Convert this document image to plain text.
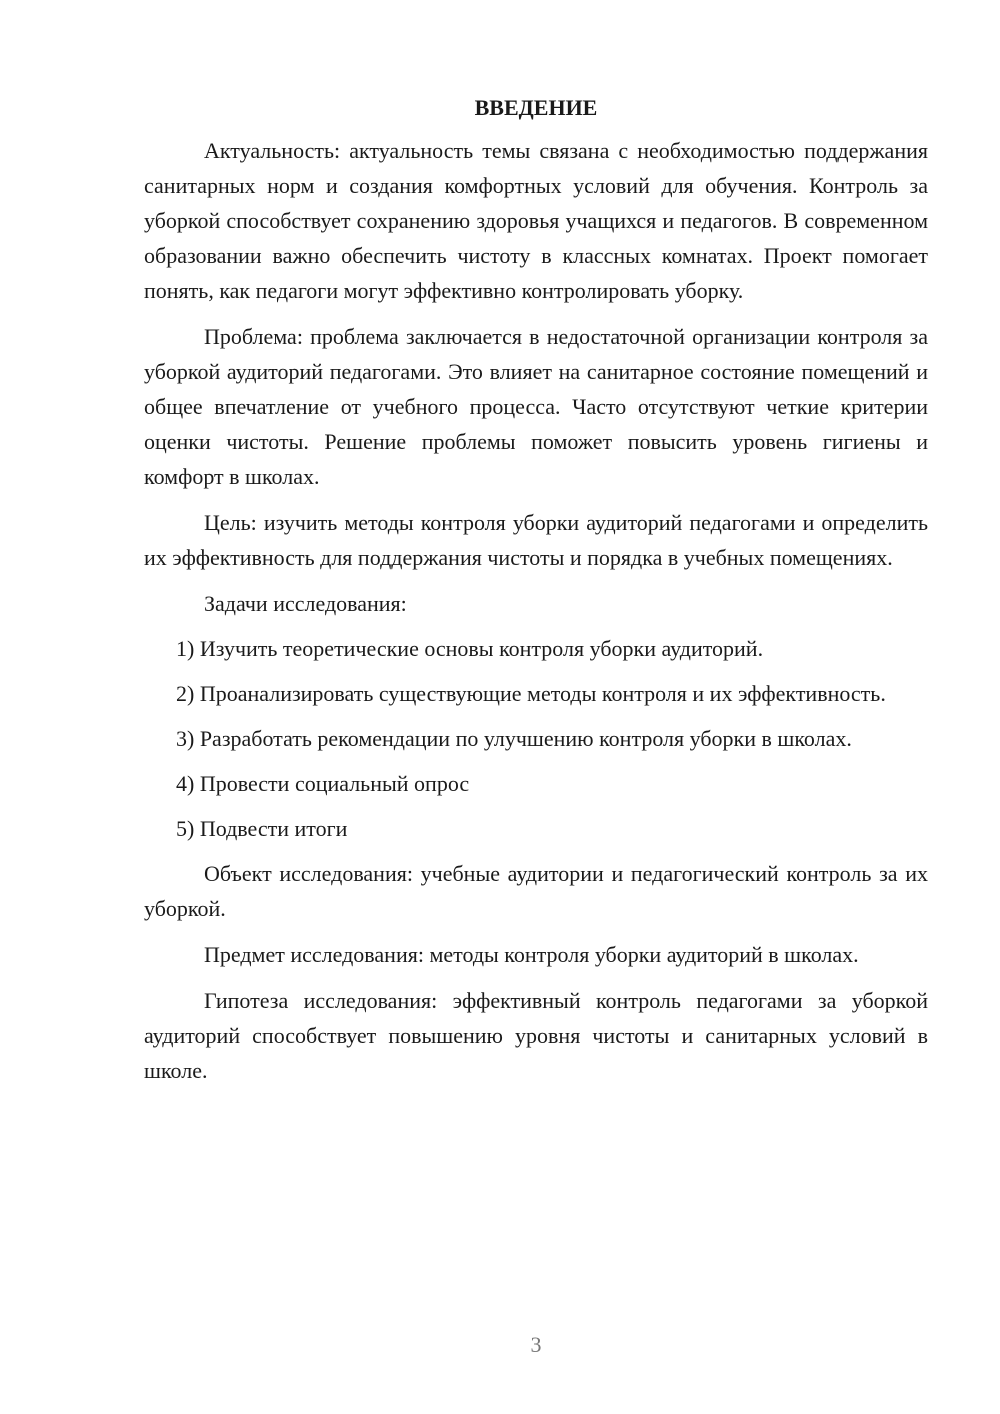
ВВЕДЕНИЕ

Актуальность: актуальность темы связана с необходимостью поддержания санитарных норм и создания комфортных условий для обучения. Контроль за уборкой способствует сохранению здоровья учащихся и педагогов. В современном образовании важно обеспечить чистоту в классных комнатах. Проект помогает понять, как педагоги могут эффективно контролировать уборку.

Проблема: проблема заключается в недостаточной организации контроля за уборкой аудиторий педагогами. Это влияет на санитарное состояние помещений и общее впечатление от учебного процесса. Часто отсутствуют четкие критерии оценки чистоты. Решение проблемы поможет повысить уровень гигиены и комфорт в школах.

Цель: изучить методы контроля уборки аудиторий педагогами и определить их эффективность для поддержания чистоты и порядка в учебных помещениях.

Задачи исследования:

1) Изучить теоретические основы контроля уборки аудиторий.

2) Проанализировать существующие методы контроля и их эффективность.

3) Разработать рекомендации по улучшению контроля уборки в школах.

4) Провести социальный опрос

5) Подвести итоги

Объект исследования: учебные аудитории и педагогический контроль за их уборкой.

Предмет исследования: методы контроля уборки аудиторий в школах.

Гипотеза исследования: эффективный контроль педагогами за уборкой аудиторий способствует повышению уровня чистоты и санитарных условий в школе.

3
